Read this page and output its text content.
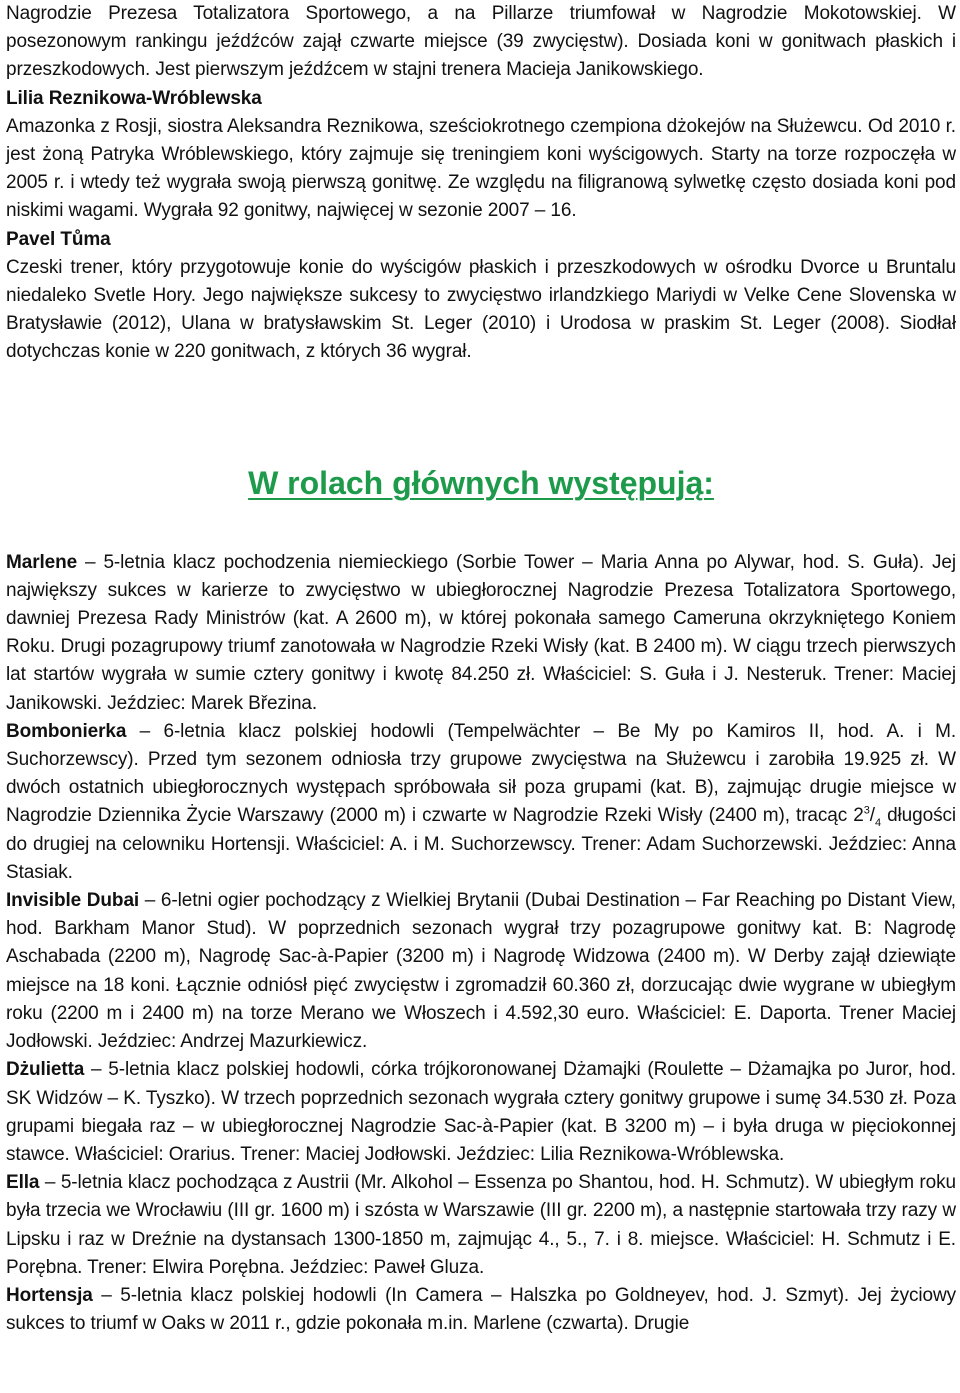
Nagrodzie Prezesa Totalizatora Sportowego, a na Pillarze triumfował w Nagrodzie Mokotowskiej. W posezonowym rankingu jeźdźców zajął czwarte miejsce (39 zwycięstw). Dosiada koni w gonitwach płaskich i przeszkodowych. Jest pierwszym jeźdźcem w stajni trenera Macieja Janikowskiego.

Lilia Reznikowa-Wróblewska

Amazonka z Rosji, siostra Aleksandra Reznikowa, sześciokrotnego czempiona dżokejów na Służewcu. Od 2010 r. jest żoną Patryka Wróblewskiego, który zajmuje się treningiem koni wyścigowych. Starty na torze rozpoczęła w 2005 r. i wtedy też wygrała swoją pierwszą gonitwę. Ze względu na filigranową sylwetkę często dosiada koni pod niskimi wagami. Wygrała 92 gonitwy, najwięcej w sezonie 2007 – 16.

Pavel Tůma

Czeski trener, który przygotowuje konie do wyścigów płaskich i przeszkodowych w ośrodku Dvorce u Bruntalu niedaleko Svetle Hory. Jego największe sukcesy to zwycięstwo irlandzkiego Mariydi w Velke Cene Slovenska w Bratysławie (2012), Ulana w bratysławskim St. Leger (2010) i Urodosa w praskim St. Leger (2008). Siodłał dotychczas konie w 220 gonitwach, z których 36 wygrał.

W rolach głównych występują:

Marlene – 5-letnia klacz pochodzenia niemieckiego (Sorbie Tower – Maria Anna po Alywar, hod. S. Guła). Jej największy sukces w karierze to zwycięstwo w ubiegłorocznej Nagrodzie Prezesa Totalizatora Sportowego, dawniej Prezesa Rady Ministrów (kat. A 2600 m), w której pokonała samego Cameruna okrzykniętego Koniem Roku. Drugi pozagrupowy triumf zanotowała w Nagrodzie Rzeki Wisły (kat. B 2400 m). W ciągu trzech pierwszych lat startów wygrała w sumie cztery gonitwy i kwotę 84.250 zł. Właściciel: S. Guła i J. Nesteruk. Trener: Maciej Janikowski. Jeździec: Marek Březina.

Bombonierka – 6-letnia klacz polskiej hodowli (Tempelwächter – Be My po Kamiros II, hod. A. i M. Suchorzewscy). Przed tym sezonem odniosła trzy grupowe zwycięstwa na Służewcu i zarobiła 19.925 zł. W dwóch ostatnich ubiegłorocznych występach spróbowała sił poza grupami (kat. B), zajmując drugie miejsce w Nagrodzie Dziennika Życie Warszawy (2000 m) i czwarte w Nagrodzie Rzeki Wisły (2400 m), tracąc $2^3/_4$ długości do drugiej na celowniku Hortensji. Właściciel: A. i M. Suchorzewscy. Trener: Adam Suchorzewski. Jeździec: Anna Stasiak.

Invisible Dubai – 6-letni ogier pochodzący z Wielkiej Brytanii (Dubai Destination – Far Reaching po Distant View, hod. Barkham Manor Stud). W poprzednich sezonach wygrał trzy pozagrupowe gonitwy kat. B: Nagrodę Aschabada (2200 m), Nagrodę Sac-à-Papier (3200 m) i Nagrodę Widzowa (2400 m). W Derby zajął dziewiąte miejsce na 18 koni. Łącznie odniósł pięć zwycięstw i zgromadził 60.360 zł, dorzucając dwie wygrane w ubiegłym roku (2200 m i 2400 m) na torze Merano we Włoszech i 4.592,30 euro. Właściciel: E. Daporta. Trener Maciej Jodłowski. Jeździec: Andrzej Mazurkiewicz.

Dżulietta – 5-letnia klacz polskiej hodowli, córka trójkoronowanej Dżamajki (Roulette – Dżamajka po Juror, hod. SK Widzów – K. Tyszko). W trzech poprzednich sezonach wygrała cztery gonitwy grupowe i sumę 34.530 zł. Poza grupami biegała raz – w ubiegłorocznej Nagrodzie Sac-à-Papier (kat. B 3200 m) – i była druga w pięciokonnej stawce. Właściciel: Orarius. Trener: Maciej Jodłowski. Jeździec: Lilia Reznikowa-Wróblewska.

Ella – 5-letnia klacz pochodząca z Austrii (Mr. Alkohol – Essenza po Shantou, hod. H. Schmutz). W ubiegłym roku była trzecia we Wrocławiu (III gr. 1600 m) i szósta w Warszawie (III gr. 2200 m), a następnie startowała trzy razy w Lipsku i raz w Dreźnie na dystansach 1300-1850 m, zajmując 4., 5., 7. i 8. miejsce. Właściciel: H. Schmutz i E. Porębna. Trener: Elwira Porębna. Jeździec: Paweł Gluza.

Hortensja – 5-letnia klacz polskiej hodowli (In Camera – Halszka po Goldneyev, hod. J. Szmyt). Jej życiowy sukces to triumf w Oaks w 2011 r., gdzie pokonała m.in. Marlene (czwarta). Drugie
